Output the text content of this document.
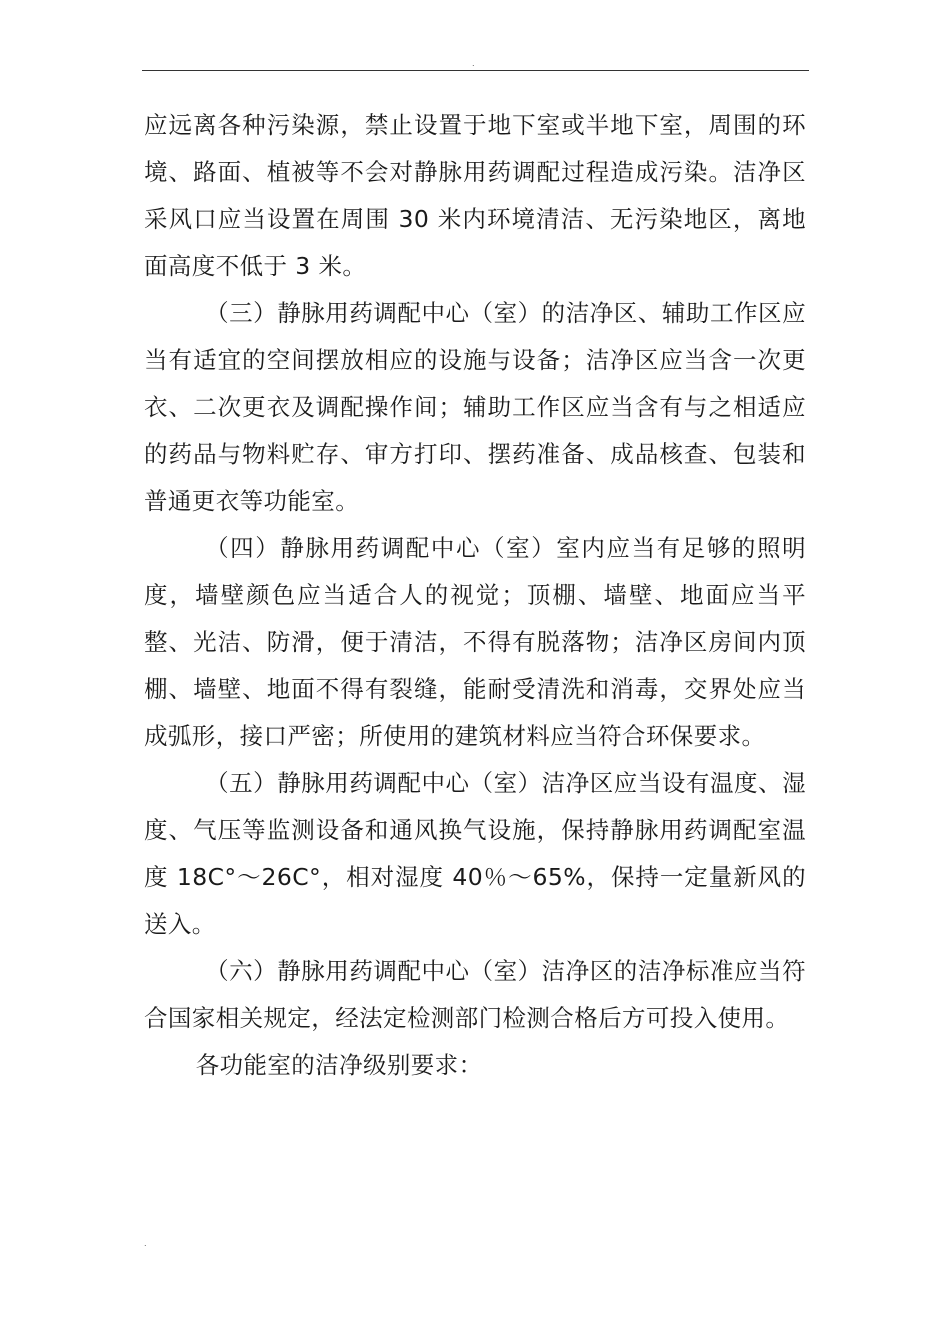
.

应远离各种污染源，禁止设置于地下室或半地下室，周围的环境、路面、植被等不会对静脉用药调配过程造成污染。洁净区采风口应当设置在周围 30 米内环境清洁、无污染地区，离地面高度不低于 3 米。

（三）静脉用药调配中心（室）的洁净区、辅助工作区应当有适宜的空间摆放相应的设施与设备；洁净区应当含一次更衣、二次更衣及调配操作间；辅助工作区应当含有与之相适应的药品与物料贮存、审方打印、摆药准备、成品核查、包装和普通更衣等功能室。

（四）静脉用药调配中心（室）室内应当有足够的照明度，墙壁颜色应当适合人的视觉；顶棚、墙壁、地面应当平整、光洁、防滑，便于清洁，不得有脱落物；洁净区房间内顶棚、墙壁、地面不得有裂缝，能耐受清洗和消毒，交界处应当成弧形，接口严密；所使用的建筑材料应当符合环保要求。

（五）静脉用药调配中心（室）洁净区应当设有温度、湿度、气压等监测设备和通风换气设施，保持静脉用药调配室温度 18C°～26C°，相对湿度 40％～65%，保持一定量新风的送入。

（六）静脉用药调配中心（室）洁净区的洁净标准应当符合国家相关规定，经法定检测部门检测合格后方可投入使用。

各功能室的洁净级别要求：

.
